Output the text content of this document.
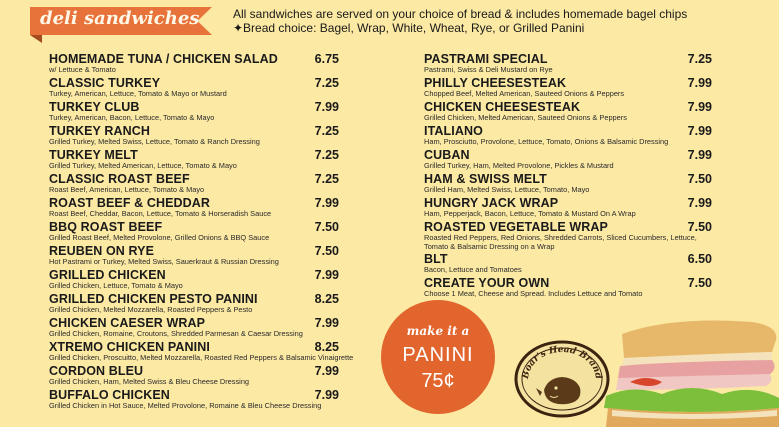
deli sandwiches	All sandwiches are served on your choice of bread & includes homemade bagel chips
✦Bread choice: Bagel, Wrap, White, Wheat, Rye, or Grilled Panini
HOMEMADE TUNA / CHICKEN SALAD
w/ Lettuce & Tomato
6.75
CLASSIC TURKEY
Turkey, American, Lettuce, Tomato & Mayo or Mustard
7.25
TURKEY CLUB
Turkey, American, Bacon, Lettuce, Tomato & Mayo
7.99
TURKEY RANCH
Grilled Turkey, Melted Swiss, Lettuce, Tomato & Ranch Dressing
7.25
TURKEY MELT
Grilled Turkey, Melted American, Lettuce, Tomato & Mayo
7.25
CLASSIC ROAST BEEF
Roast Beef, American, Lettuce, Tomato & Mayo
7.25
ROAST BEEF & CHEDDAR
Roast Beef, Cheddar, Bacon, Lettuce, Tomato & Horseradish Sauce
7.99
BBQ ROAST BEEF
Grilled Roast Beef, Melted Provolone, Grilled Onions & BBQ Sauce
7.50
REUBEN ON RYE
Hot Pastrami or Turkey, Melted Swiss, Sauerkraut & Russian Dressing
7.50
GRILLED CHICKEN
Grilled Chicken, Lettuce, Tomato & Mayo
7.99
GRILLED CHICKEN PESTO PANINI
Grilled Chicken, Melted Mozzarella, Roasted Peppers & Pesto
8.25
CHICKEN CAESER WRAP
Grilled Chicken, Romaine, Croutons, Shredded Parmesan & Caesar Dressing
7.99
XTREMO CHICKEN PANINI
Grilled Chicken, Proscuitto, Melted Mozzarella, Roasted Red Peppers & Balsamic Vinaigrette
8.25
CORDON BLEU
Grilled Chicken, Ham, Melted Swiss & Bleu Cheese Dressing
7.99
BUFFALO CHICKEN
Grilled Chicken in Hot Sauce, Melted Provolone, Romaine & Bleu Cheese Dressing
7.99
PASTRAMI SPECIAL
Pastrami, Swiss & Deli Mustard on Rye
7.25
PHILLY CHEESESTEAK
Chopped Beef, Melted American, Sauteed Onions & Peppers
7.99
CHICKEN CHEESESTEAK
Grilled Chicken, Melted American, Sauteed Onions & Peppers
7.99
ITALIANO
Ham, Prosciutto, Provolone, Lettuce, Tomato, Onions & Balsamic Dressing
7.99
CUBAN
Grilled Turkey, Ham, Melted Provolone, Pickles & Mustard
7.99
HAM & SWISS MELT
Grilled Ham, Melted Swiss, Lettuce, Tomato, Mayo
7.50
HUNGRY JACK WRAP
Ham, Pepperjack, Bacon, Lettuce, Tomato & Mustard On A Wrap
7.99
ROASTED VEGETABLE WRAP
Roasted Red Peppers, Red Onions, Shredded Carrots, Sliced Cucumbers, Lettuce,
Tomato & Balsamic Dressing on a Wrap
7.50
BLT
Bacon, Lettuce and Tomatoes
6.50
CREATE YOUR OWN
Choose 1 Meat, Cheese and Spread. Includes Lettuce and Tomato
7.50
make it a
PANINI
75¢	Boar's Head Brand
